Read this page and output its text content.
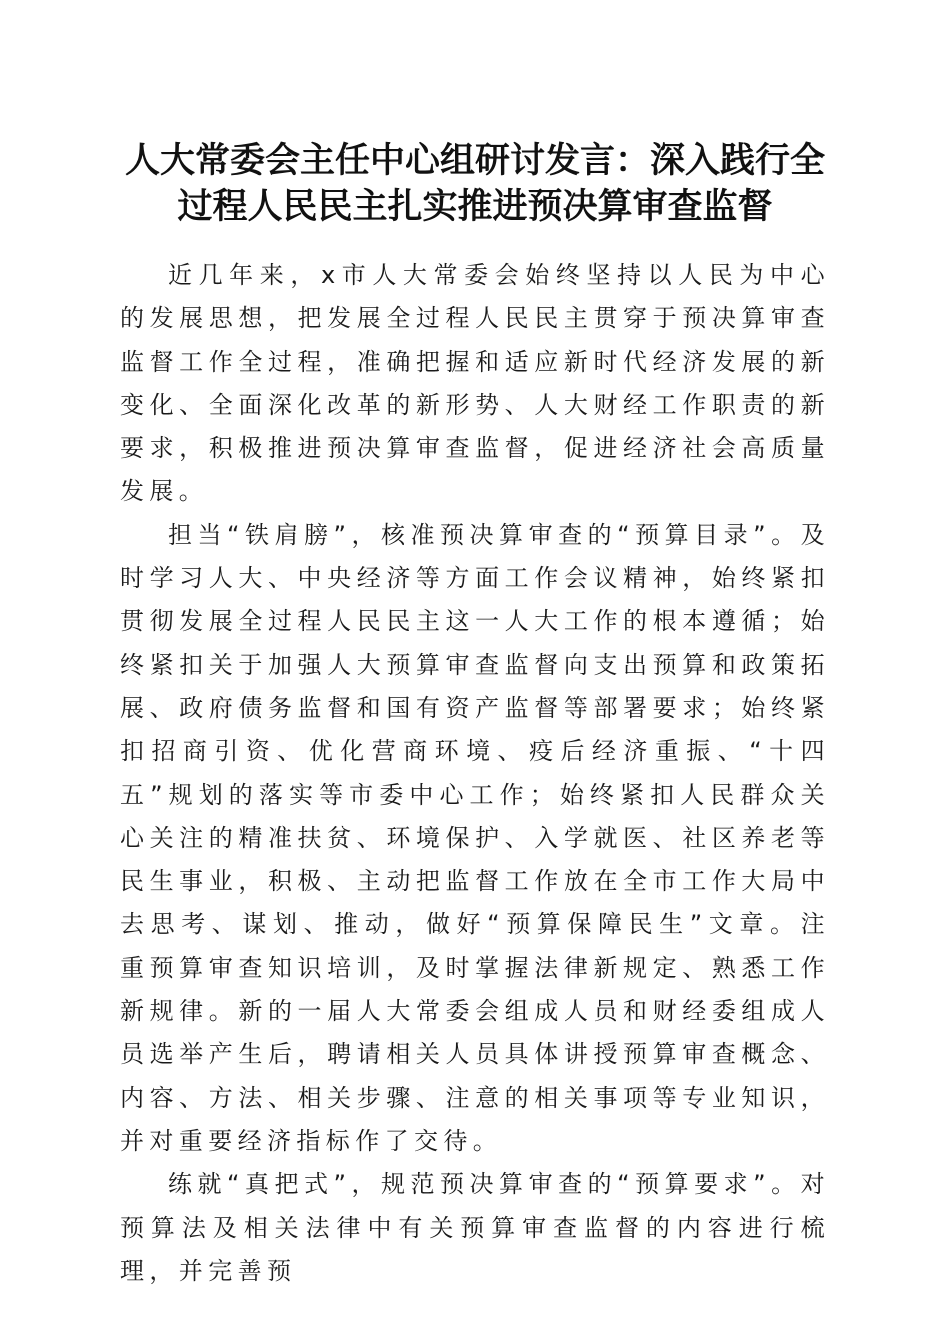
人大常委会主任中心组研讨发言：深入践行全
过程人民民主扎实推进预决算审查监督

近几年来，x市人大常委会始终坚持以人民为中心的发展思想，把发展全过程人民民主贯穿于预决算审查监督工作全过程，准确把握和适应新时代经济发展的新变化、全面深化改革的新形势、人大财经工作职责的新要求，积极推进预决算审查监督，促进经济社会高质量发展。

担当“铁肩膀”，核准预决算审查的“预算目录”。及时学习人大、中央经济等方面工作会议精神，始终紧扣贯彻发展全过程人民民主这一人大工作的根本遵循；始终紧扣关于加强人大预算审查监督向支出预算和政策拓展、政府债务监督和国有资产监督等部署要求；始终紧扣招商引资、优化营商环境、疫后经济重振、“十四五”规划的落实等市委中心工作；始终紧扣人民群众关心关注的精准扶贫、环境保护、入学就医、社区养老等民生事业，积极、主动把监督工作放在全市工作大局中去思考、谋划、推动，做好“预算保障民生”文章。注重预算审查知识培训，及时掌握法律新规定、熟悉工作新规律。新的一届人大常委会组成人员和财经委组成人员选举产生后，聘请相关人员具体讲授预算审查概念、内容、方法、相关步骤、注意的相关事项等专业知识，并对重要经济指标作了交待。

练就“真把式”，规范预决算审查的“预算要求”。对预算法及相关法律中有关预算审查监督的内容进行梳理，并完善预
